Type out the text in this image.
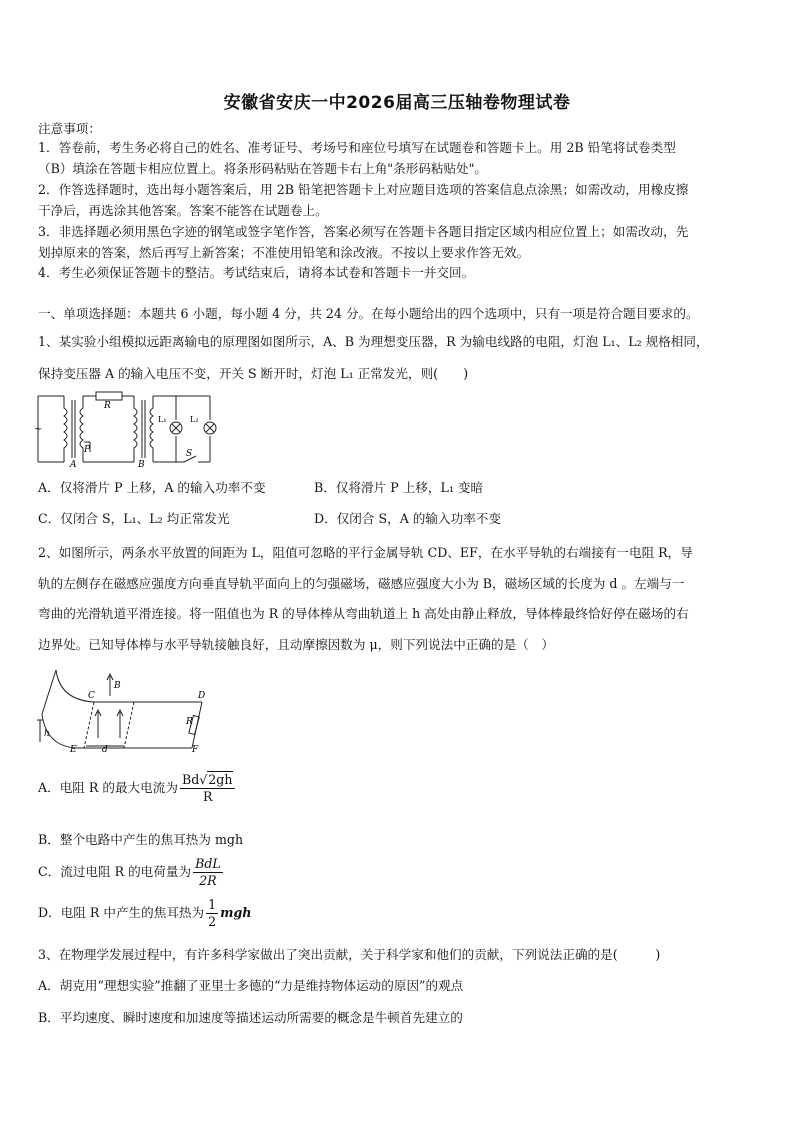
安徽省安庆一中2026届高三压轴卷物理试卷
注意事项：
1．答卷前，考生务必将自己的姓名、准考证号、考场号和座位号填写在试题卷和答题卡上。用 2B 铅笔将试卷类型
（B）填涂在答题卡相应位置上。将条形码粘贴在答题卡右上角"条形码粘贴处"。
2．作答选择题时，选出每小题答案后，用 2B 铅笔把答题卡上对应题目选项的答案信息点涂黑；如需改动，用橡皮擦
干净后，再选涂其他答案。答案不能答在试题卷上。
3．非选择题必须用黑色字迹的钢笔或签字笔作答，答案必须写在答题卡各题目指定区域内相应位置上；如需改动，先
划掉原来的答案，然后再写上新答案；不准使用铅笔和涂改液。不按以上要求作答无效。
4．考生必须保证答题卡的整洁。考试结束后，请将本试卷和答题卡一并交回。
一、单项选择题：本题共 6 小题，每小题 4 分，共 24 分。在每小题给出的四个选项中，只有一项是符合题目要求的。
1、某实验小组模拟远距离输电的原理图如图所示，A、B 为理想变压器，R 为输电线路的电阻，灯泡 L₁、L₂ 规格相同，
保持变压器 A 的输入电压不变，开关 S 断开时，灯泡 L₁ 正常发光，则(　　)
R
L₁	L₂
A	B
P	S
~
A．仅将滑片 P 上移，A 的输入功率不变	B．仅将滑片 P 上移，L₁ 变暗
C．仅闭合 S，L₁、L₂ 均正常发光	D．仅闭合 S，A 的输入功率不变
2、如图所示，两条水平放置的间距为 L，阻值可忽略的平行金属导轨 CD、EF，在水平导轨的右端接有一电阻 R，导
轨的左侧存在磁感应强度方向垂直导轨平面向上的匀强磁场，磁感应强度大小为 B，磁场区域的长度为 d 。左端与一
弯曲的光滑轨道平滑连接。将一阻值也为 R 的导体棒从弯曲轨道上 h 高处由静止释放，导体棒最终恰好停在磁场的右
边界处。已知导体棒与水平导轨接触良好，且动摩擦因数为 μ，则下列说法中正确的是（　）
C
B
D
E	F
R
h
d
A．电阻 R 的最大电流为 $\frac{Bd√2gh}{R}$
B．整个电路中产生的焦耳热为 mgh
C．流过电阻 R 的电荷量为 $\frac{\text{BdL}}{2R}$
D．电阻 R 中产生的焦耳热为 $\frac{1}{2}$ mgh
3、在物理学发展过程中，有许多科学家做出了突出贡献，关于科学家和他们的贡献，下列说法正确的是(　　　)
A．胡克用“理想实验”推翻了亚里士多德的“力是维持物体运动的原因”的观点
B．平均速度、瞬时速度和加速度等描述运动所需要的概念是牛顿首先建立的
